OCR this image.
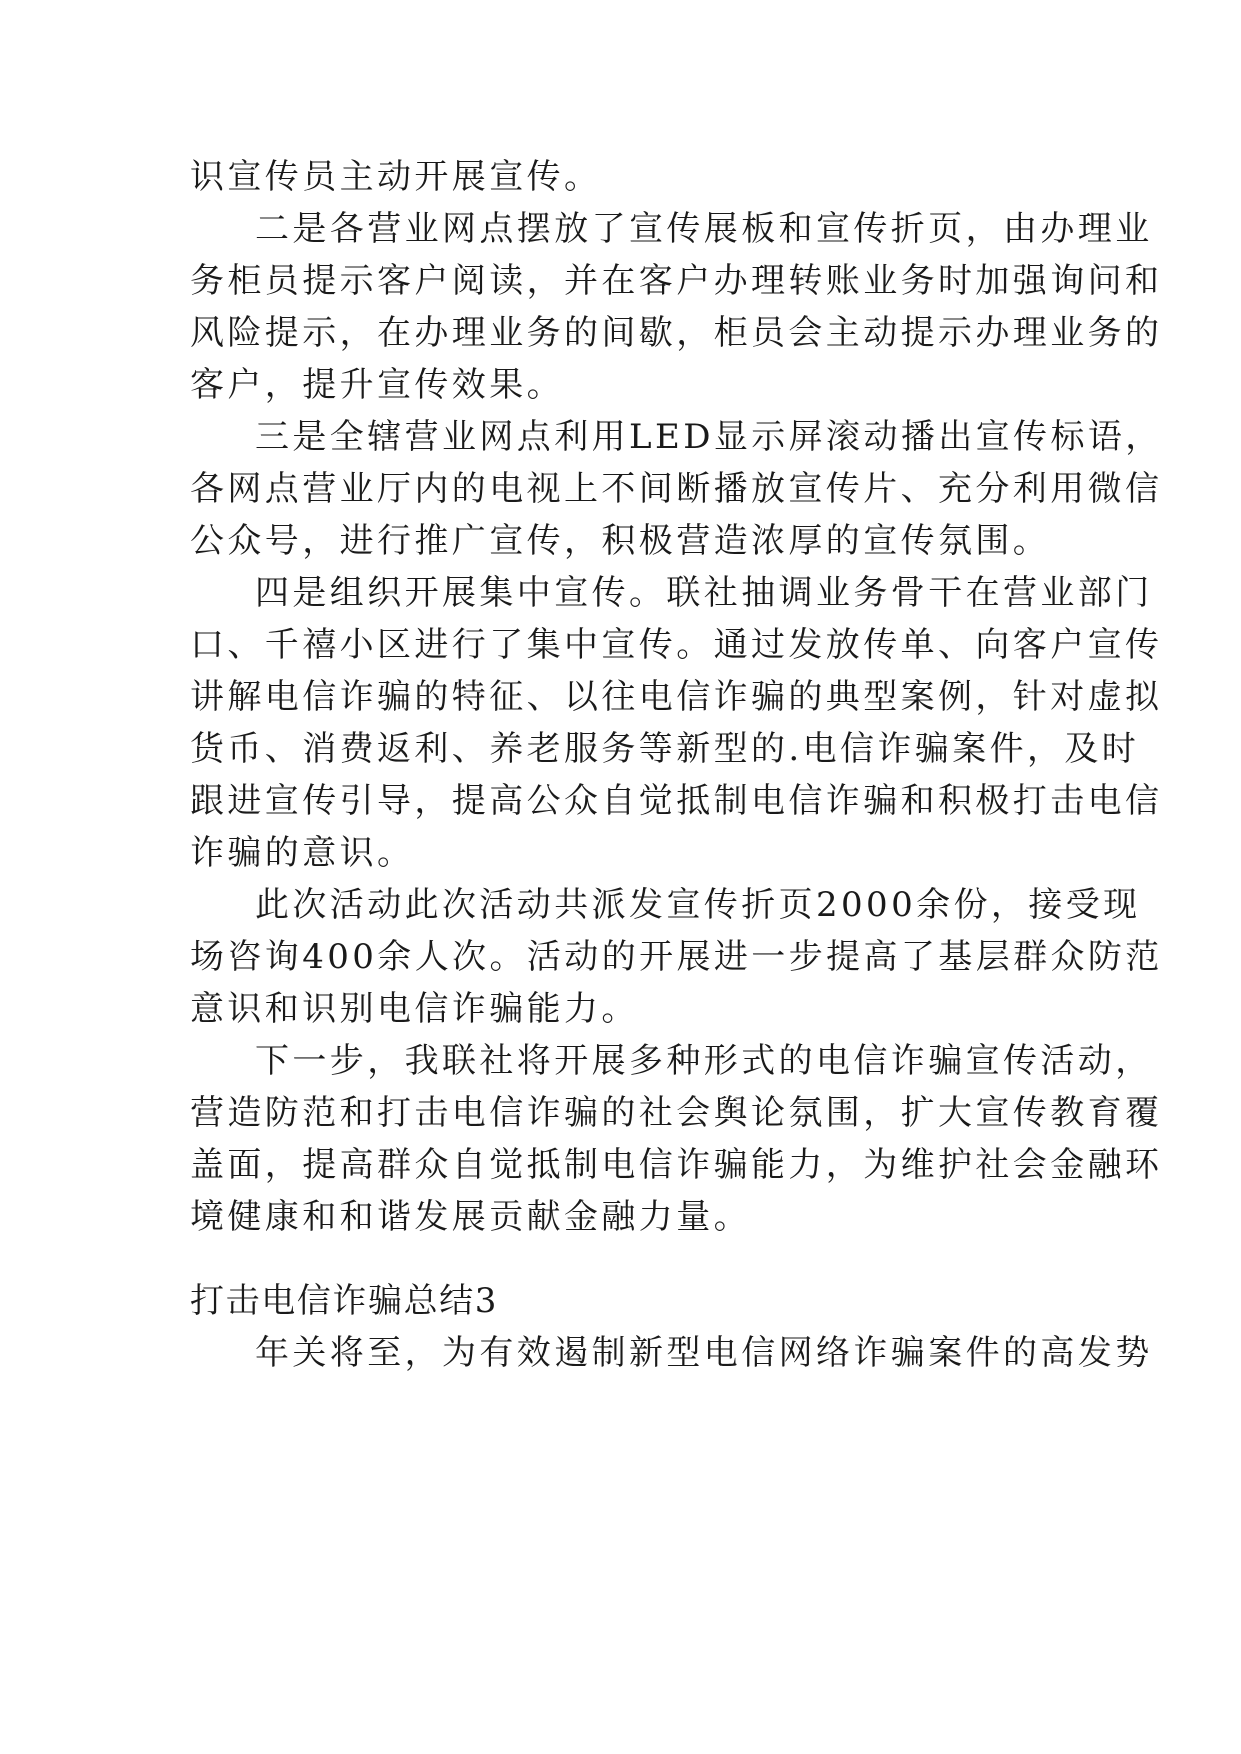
识宣传员主动开展宣传。
二是各营业网点摆放了宣传展板和宣传折页，由办理业
务柜员提示客户阅读，并在客户办理转账业务时加强询问和
风险提示，在办理业务的间歇，柜员会主动提示办理业务的
客户，提升宣传效果。
三是全辖营业网点利用LED显示屏滚动播出宣传标语，
各网点营业厅内的电视上不间断播放宣传片、充分利用微信
公众号，进行推广宣传，积极营造浓厚的宣传氛围。
四是组织开展集中宣传。联社抽调业务骨干在营业部门
口、千禧小区进行了集中宣传。通过发放传单、向客户宣传
讲解电信诈骗的特征、以往电信诈骗的典型案例，针对虚拟
货币、消费返利、养老服务等新型的.电信诈骗案件，及时
跟进宣传引导，提高公众自觉抵制电信诈骗和积极打击电信
诈骗的意识。
此次活动此次活动共派发宣传折页2000余份，接受现
场咨询400余人次。活动的开展进一步提高了基层群众防范
意识和识别电信诈骗能力。
下一步，我联社将开展多种形式的电信诈骗宣传活动，
营造防范和打击电信诈骗的社会舆论氛围，扩大宣传教育覆
盖面，提高群众自觉抵制电信诈骗能力，为维护社会金融环
境健康和和谐发展贡献金融力量。
打击电信诈骗总结3
年关将至，为有效遏制新型电信网络诈骗案件的高发势
